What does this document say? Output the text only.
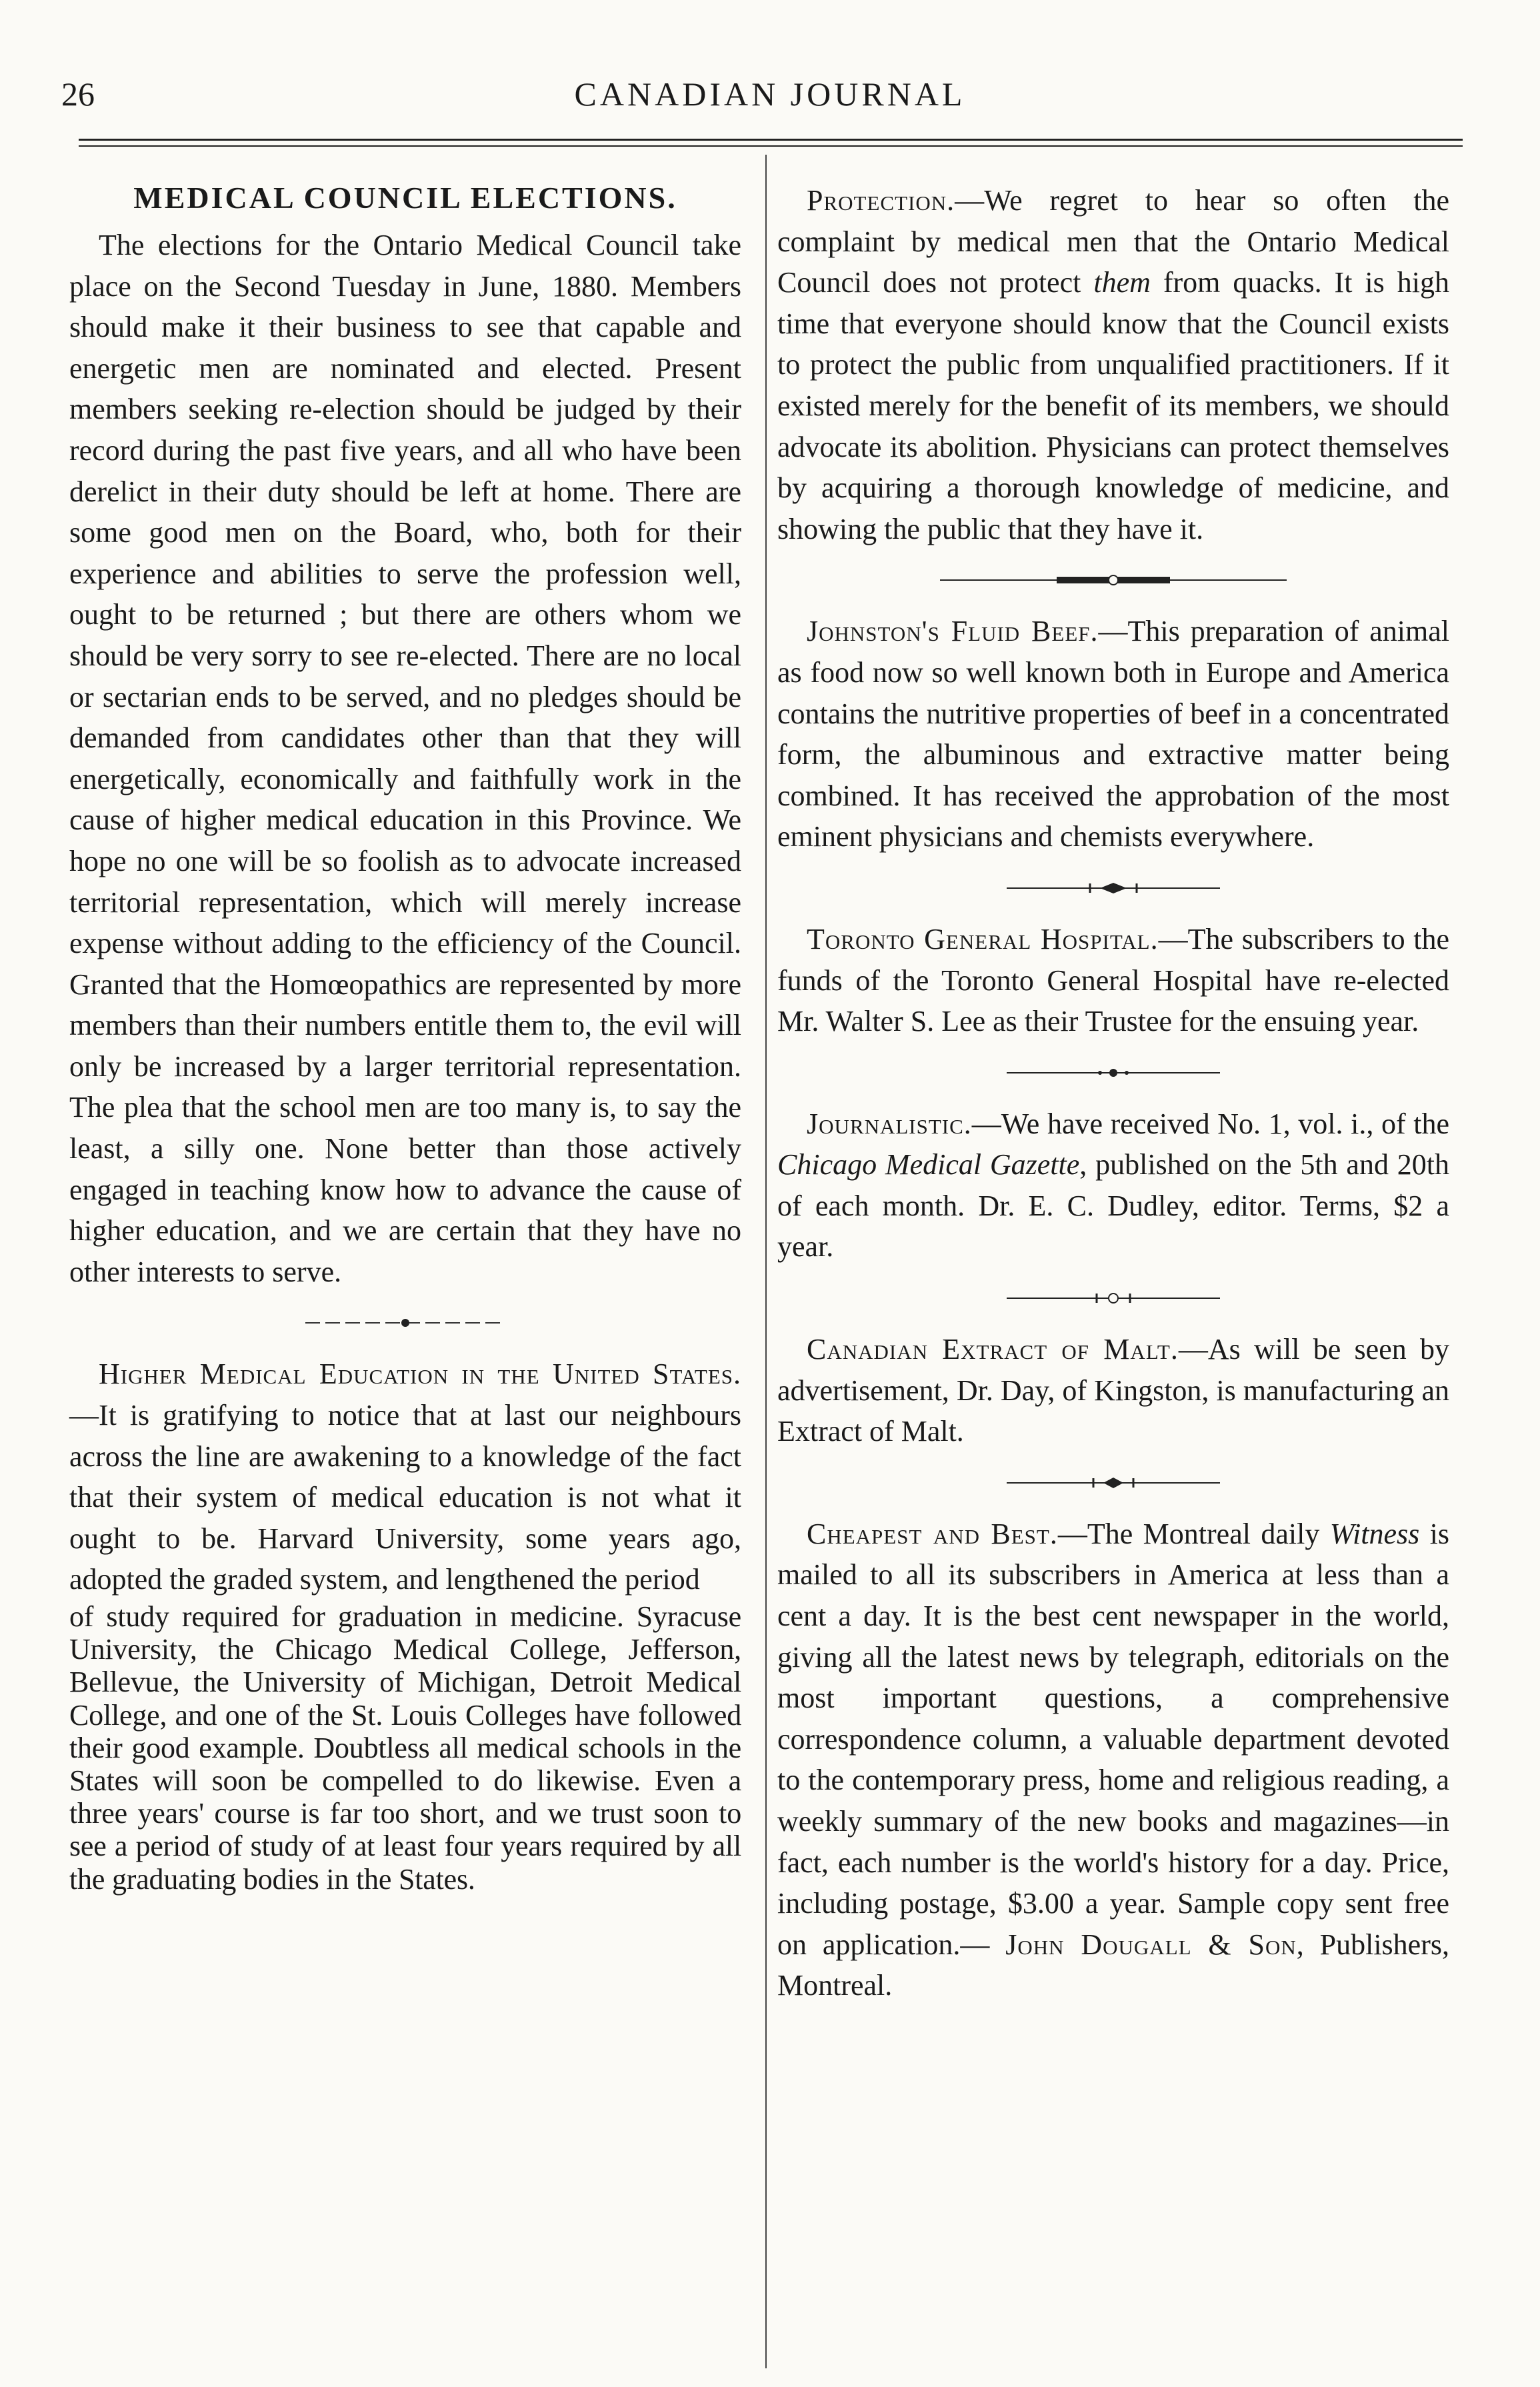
26	CANADIAN JOURNAL
MEDICAL COUNCIL ELECTIONS.

The elections for the Ontario Medical Council take place on the Second Tuesday in June, 1880. Members should make it their business to see that capable and energetic men are nominated and elected. Present members seeking re-election should be judged by their record during the past five years, and all who have been derelict in their duty should be left at home. There are some good men on the Board, who, both for their experience and abilities to serve the profession well, ought to be returned ; but there are others whom we should be very sorry to see re-elected. There are no local or sectarian ends to be served, and no pledges should be demanded from candidates other than that they will energetically, economically and faithfully work in the cause of higher medical education in this Province. We hope no one will be so foolish as to advocate increased territorial representation, which will merely increase expense without adding to the efficiency of the Council. Granted that the Homœopathics are represented by more members than their numbers entitle them to, the evil will only be increased by a larger territorial representation. The plea that the school men are too many is, to say the least, a silly one. None better than those actively engaged in teaching know how to advance the cause of higher education, and we are certain that they have no other interests to serve.

Higher Medical Education in the United States.—It is gratifying to notice that at last our neighbours across the line are awakening to a knowledge of the fact that their system of medical education is not what it ought to be. Harvard University, some years ago, adopted the graded system, and lengthened the period

of study required for graduation in medicine. Syracuse University, the Chicago Medical College, Jefferson, Bellevue, the University of Michigan, Detroit Medical College, and one of the St. Louis Colleges have followed their good example. Doubtless all medical schools in the States will soon be compelled to do likewise. Even a three years' course is far too short, and we trust soon to see a period of study of at least four years required by all the graduating bodies in the States.

Protection.—We regret to hear so often the complaint by medical men that the Ontario Medical Council does not protect them from quacks. It is high time that everyone should know that the Council exists to protect the public from unqualified practitioners. If it existed merely for the benefit of its members, we should advocate its abolition. Physicians can protect themselves by acquiring a thorough knowledge of medicine, and showing the public that they have it.

Johnston's Fluid Beef.—This preparation of animal as food now so well known both in Europe and America contains the nutritive properties of beef in a concentrated form, the albuminous and extractive matter being combined. It has received the approbation of the most eminent physicians and chemists everywhere.

Toronto General Hospital.—The subscribers to the funds of the Toronto General Hospital have re-elected Mr. Walter S. Lee as their Trustee for the ensuing year.

Journalistic.—We have received No. 1, vol. i., of the Chicago Medical Gazette, published on the 5th and 20th of each month. Dr. E. C. Dudley, editor. Terms, $2 a year.

Canadian Extract of Malt.—As will be seen by advertisement, Dr. Day, of Kingston, is manufacturing an Extract of Malt.

Cheapest and Best.—The Montreal daily Witness is mailed to all its subscribers in America at less than a cent a day. It is the best cent newspaper in the world, giving all the latest news by telegraph, editorials on the most important questions, a comprehensive correspondence column, a valuable department devoted to the contemporary press, home and religious reading, a weekly summary of the new books and magazines—in fact, each number is the world's history for a day. Price, including postage, $3.00 a year. Sample copy sent free on application.— John Dougall & Son, Publishers, Montreal.
